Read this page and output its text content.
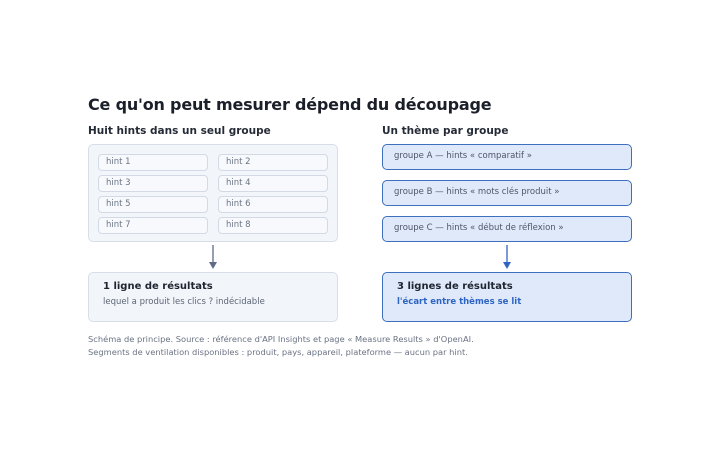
Ce qu'on peut mesurer dépend du découpage
Huit hints dans un seul groupe	Un thème par groupe
hint 1	hint 2
hint 3	hint 4
hint 5	hint 6
hint 7	hint 8
groupe A — hints « comparatif »
groupe B — hints « mots clés produit »
groupe C — hints « début de réflexion »
1 ligne de résultats
lequel a produit les clics ? indécidable
3 lignes de résultats
l'écart entre thèmes se lit
Schéma de principe. Source : référence d'API Insights et page « Measure Results » d'OpenAI.
Segments de ventilation disponibles : produit, pays, appareil, plateforme — aucun par hint.
